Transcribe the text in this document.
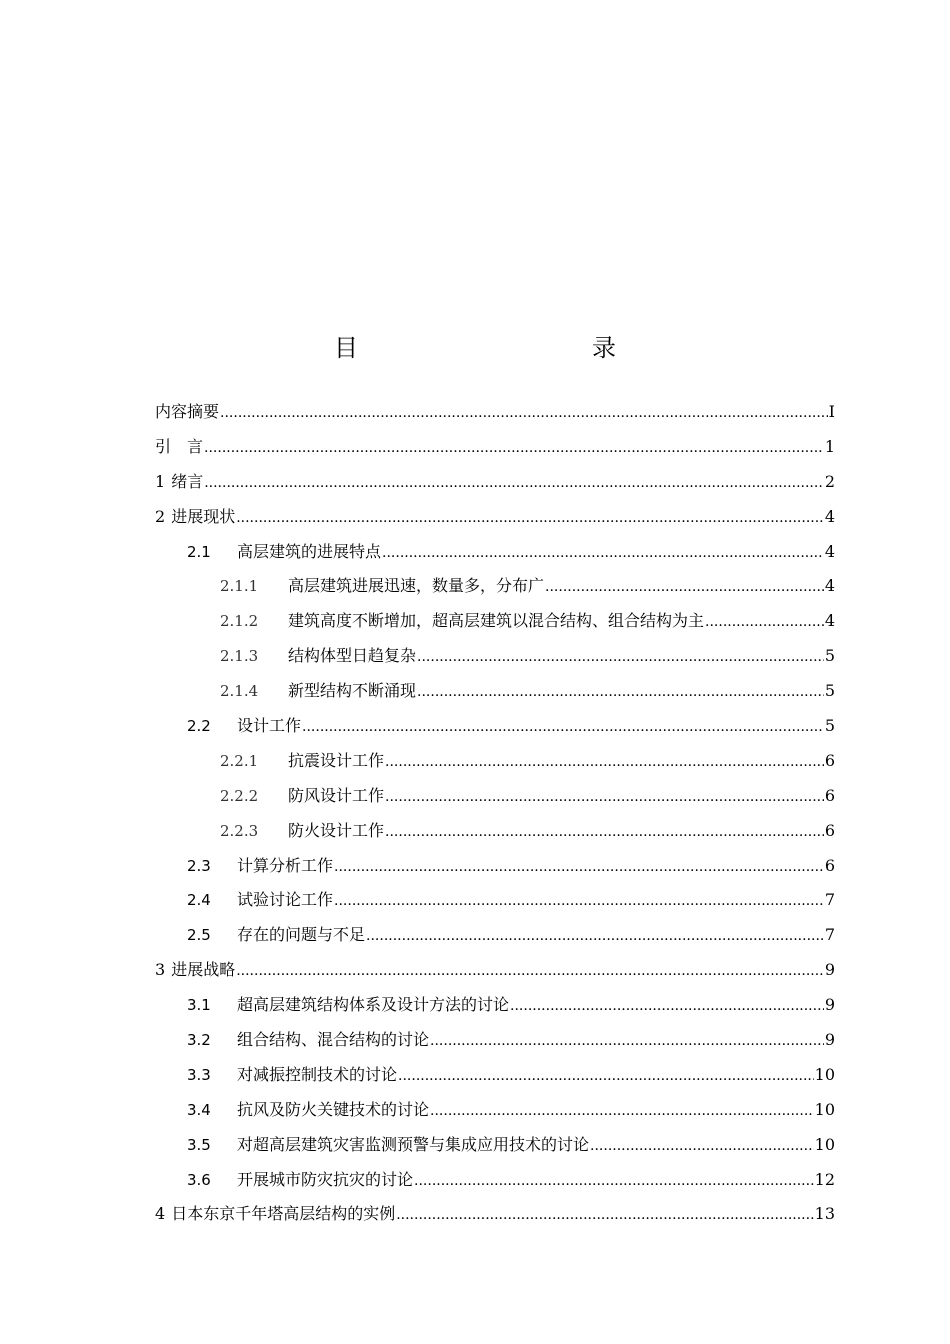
目　　录
内容摘要 .....	I
引　言 .....	1
1 绪言 .....	2
2 进展现状 .....	4
2.1	高层建筑的进展特点 .....	4
2.1.1	高层建筑进展迅速，数量多，分布广 .....	4
2.1.2	建筑高度不断增加，超高层建筑以混合结构、组合结构为主 .....	4
2.1.3	结构体型日趋复杂 .....	5
2.1.4	新型结构不断涌现 .....	5
2.2	设计工作 .....	5
2.2.1	抗震设计工作 .....	6
2.2.2	防风设计工作 .....	6
2.2.3	防火设计工作 .....	6
2.3	计算分析工作 .....	6
2.4	试验讨论工作 .....	7
2.5	存在的问题与不足 .....	7
3 进展战略 .....	9
3.1	超高层建筑结构体系及设计方法的讨论 .....	9
3.2	组合结构、混合结构的讨论 .....	9
3.3	对减振控制技术的讨论 .....	10
3.4	抗风及防火关键技术的讨论 .....	10
3.5	对超高层建筑灾害监测预警与集成应用技术的讨论 .....	10
3.6	开展城市防灾抗灾的讨论 .....	12
4 日本东京千年塔高层结构的实例 .....	13
